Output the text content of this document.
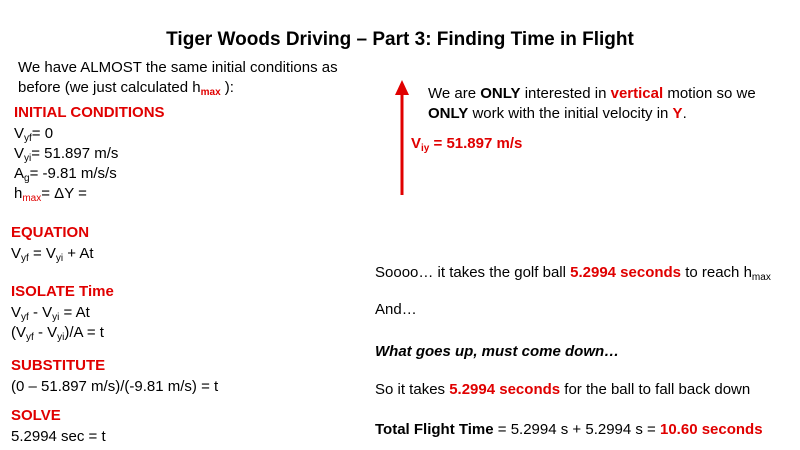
Tiger Woods Driving – Part 3: Finding Time in Flight
We have ALMOST the same initial conditions as
before (we just calculated $h_{max}$ ):
INITIAL CONDITIONS
$V_{yf}= 0$
$V_{yi}= 51.897$ m/s
$A_g= -9.81$ m/s/s
$h_{max}= \Delta Y$ =
EQUATION
$V_{yf} = V_{yi} + At$
ISOLATE Time
$V_{yf} - V_{yi} = At$
$(V_{yf} - V_{yi})/A = t$
SUBSTITUTE
(0 – 51.897 m/s)/(-9.81 m/s) = t
SOLVE
5.2994 sec = t
We are ONLY interested in vertical motion so we
ONLY work with the initial velocity in Y.
$V_{iy} = 51.897$ m/s
Soooo… it takes the golf ball 5.2994 seconds to reach $h_{max}$
And…
What goes up, must come down…
So it takes 5.2994 seconds for the ball to fall back down
Total Flight Time = 5.2994 s + 5.2994 s = 10.60 seconds
